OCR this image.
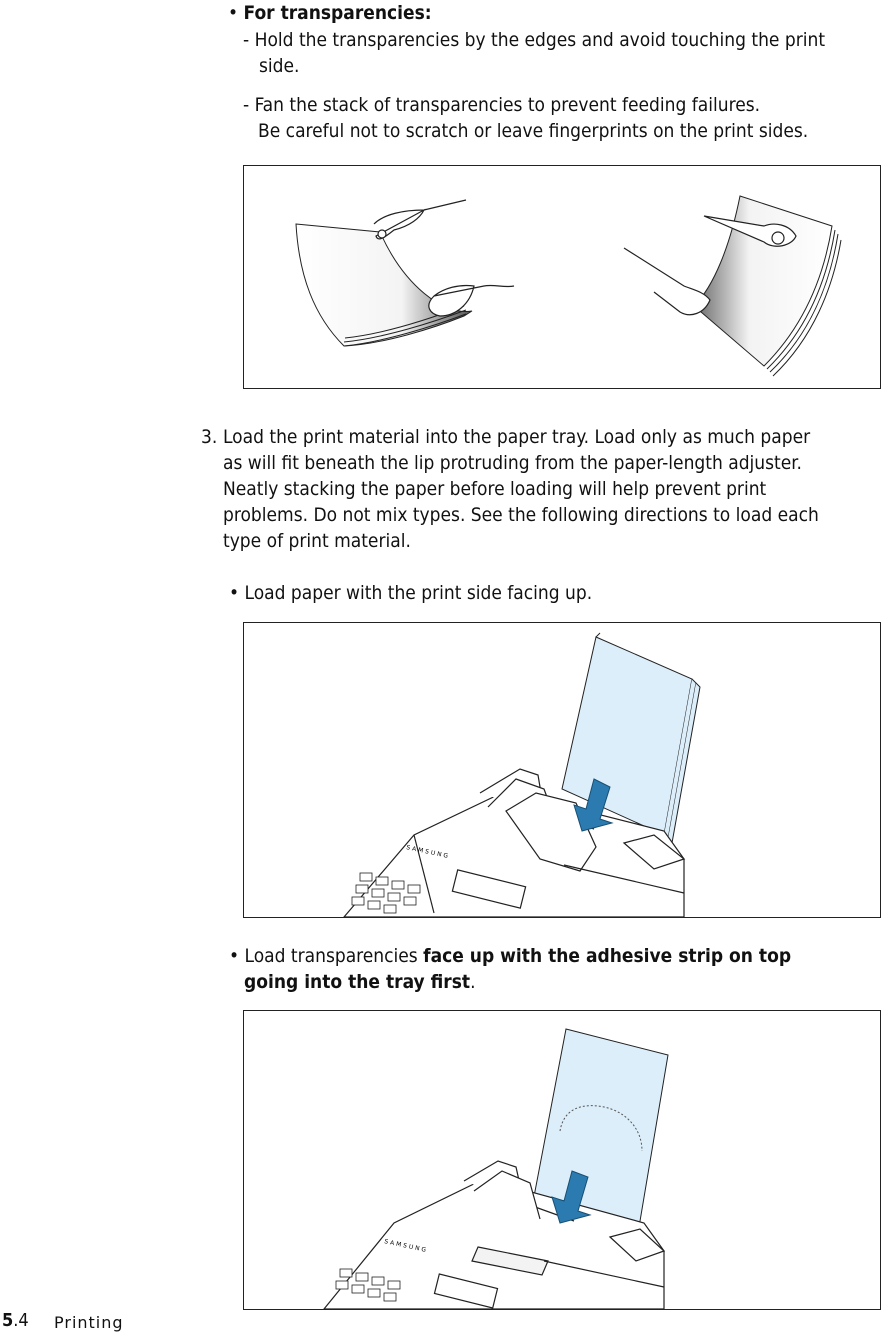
• For transparencies:
- Hold the transparencies by the edges and avoid touching the print
side.
- Fan the stack of transparencies to prevent feeding failures.
Be careful not to scratch or leave fingerprints on the print sides.
3. Load the print material into the paper tray. Load only as much paper
as will fit beneath the lip protruding from the paper-length adjuster.
Neatly stacking the paper before loading will help prevent print
problems. Do not mix types. See the following directions to load each
type of print material.
• Load paper with the print side facing up.
SAMSUNG
• Load transparencies face up with the adhesive strip on top
going into the tray first.
SAMSUNG
5.4 Printing
